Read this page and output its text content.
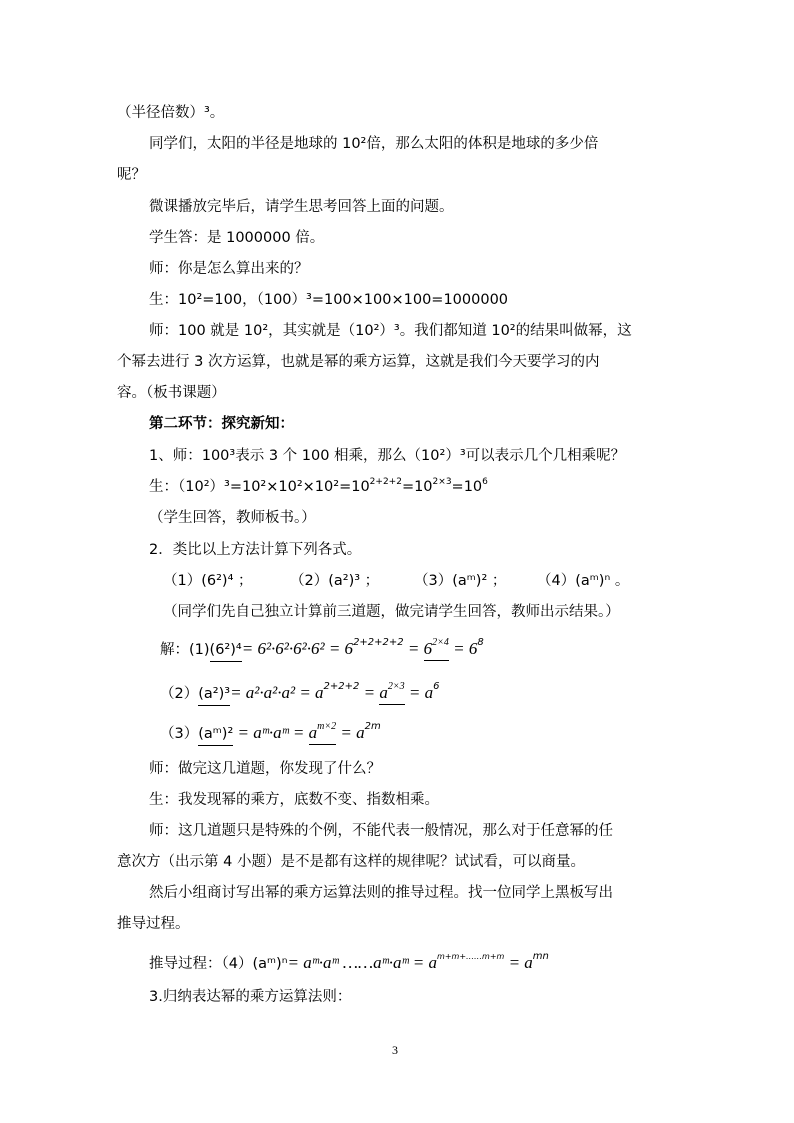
（半径倍数）³。
同学们，太阳的半径是地球的 10²倍，那么太阳的体积是地球的多少倍
呢？
微课播放完毕后，请学生思考回答上面的问题。
学生答：是 1000000 倍。
师：你是怎么算出来的？
生：10²=100，（100）³=100×100×100=1000000
师：100 就是 10²，其实就是（10²）³。我们都知道 10²的结果叫做幂，这
个幂去进行 3 次方运算，也就是幂的乘方运算，这就是我们今天要学习的内
容。（板书课题）
第二环节：探究新知：
1、师：100³表示 3 个 100 相乘，那么（10²）³可以表示几个几相乘呢？
生：$(10^2)^3=10^2\times 10^2\times 10^2=10^{2+2+2}=10^{2\times 3}=10^6$
（学生回答，教师板书。）
2．类比以上方法计算下列各式。
（1）(6²)⁴ ；	（2）(a²)³ ； （3）(aᵐ)² ； （4）(aᵐ)ⁿ 。
（同学们先自己独立计算前三道题，做完请学生回答，教师出示结果。）
解：$(1)(6^2)^4= 6^2\cdot 6^2\cdot 6^2\cdot 6^2 = 6^{2+2+2+2} = 6^{2\times 4} = 6^8$
$(2)(a^2)^3= a^2\cdot a^2\cdot a^2 = a^{2+2+2} = a^{2\times 3} = a^6$
（3）(aᵐ)² = aᵐ·aᵐ = $a^{m\times 2} = a^{2m}$
师：做完这几道题，你发现了什么？
生：我发现幂的乘方，底数不变、指数相乘。
师：这几道题只是特殊的个例，不能代表一般情况，那么对于任意幂的任
意次方（出示第 4 小题）是不是都有这样的规律呢？试试看，可以商量。
然后小组商讨写出幂的乘方运算法则的推导过程。找一位同学上黑板写出
推导过程。
推导过程：（4）(aᵐ)ⁿ= aᵐ·aᵐ ……aᵐ·aᵐ = $a^{m+m+\dots\dots m+m} = a^{mn}$
3.归纳表达幂的乘方运算法则：
3
